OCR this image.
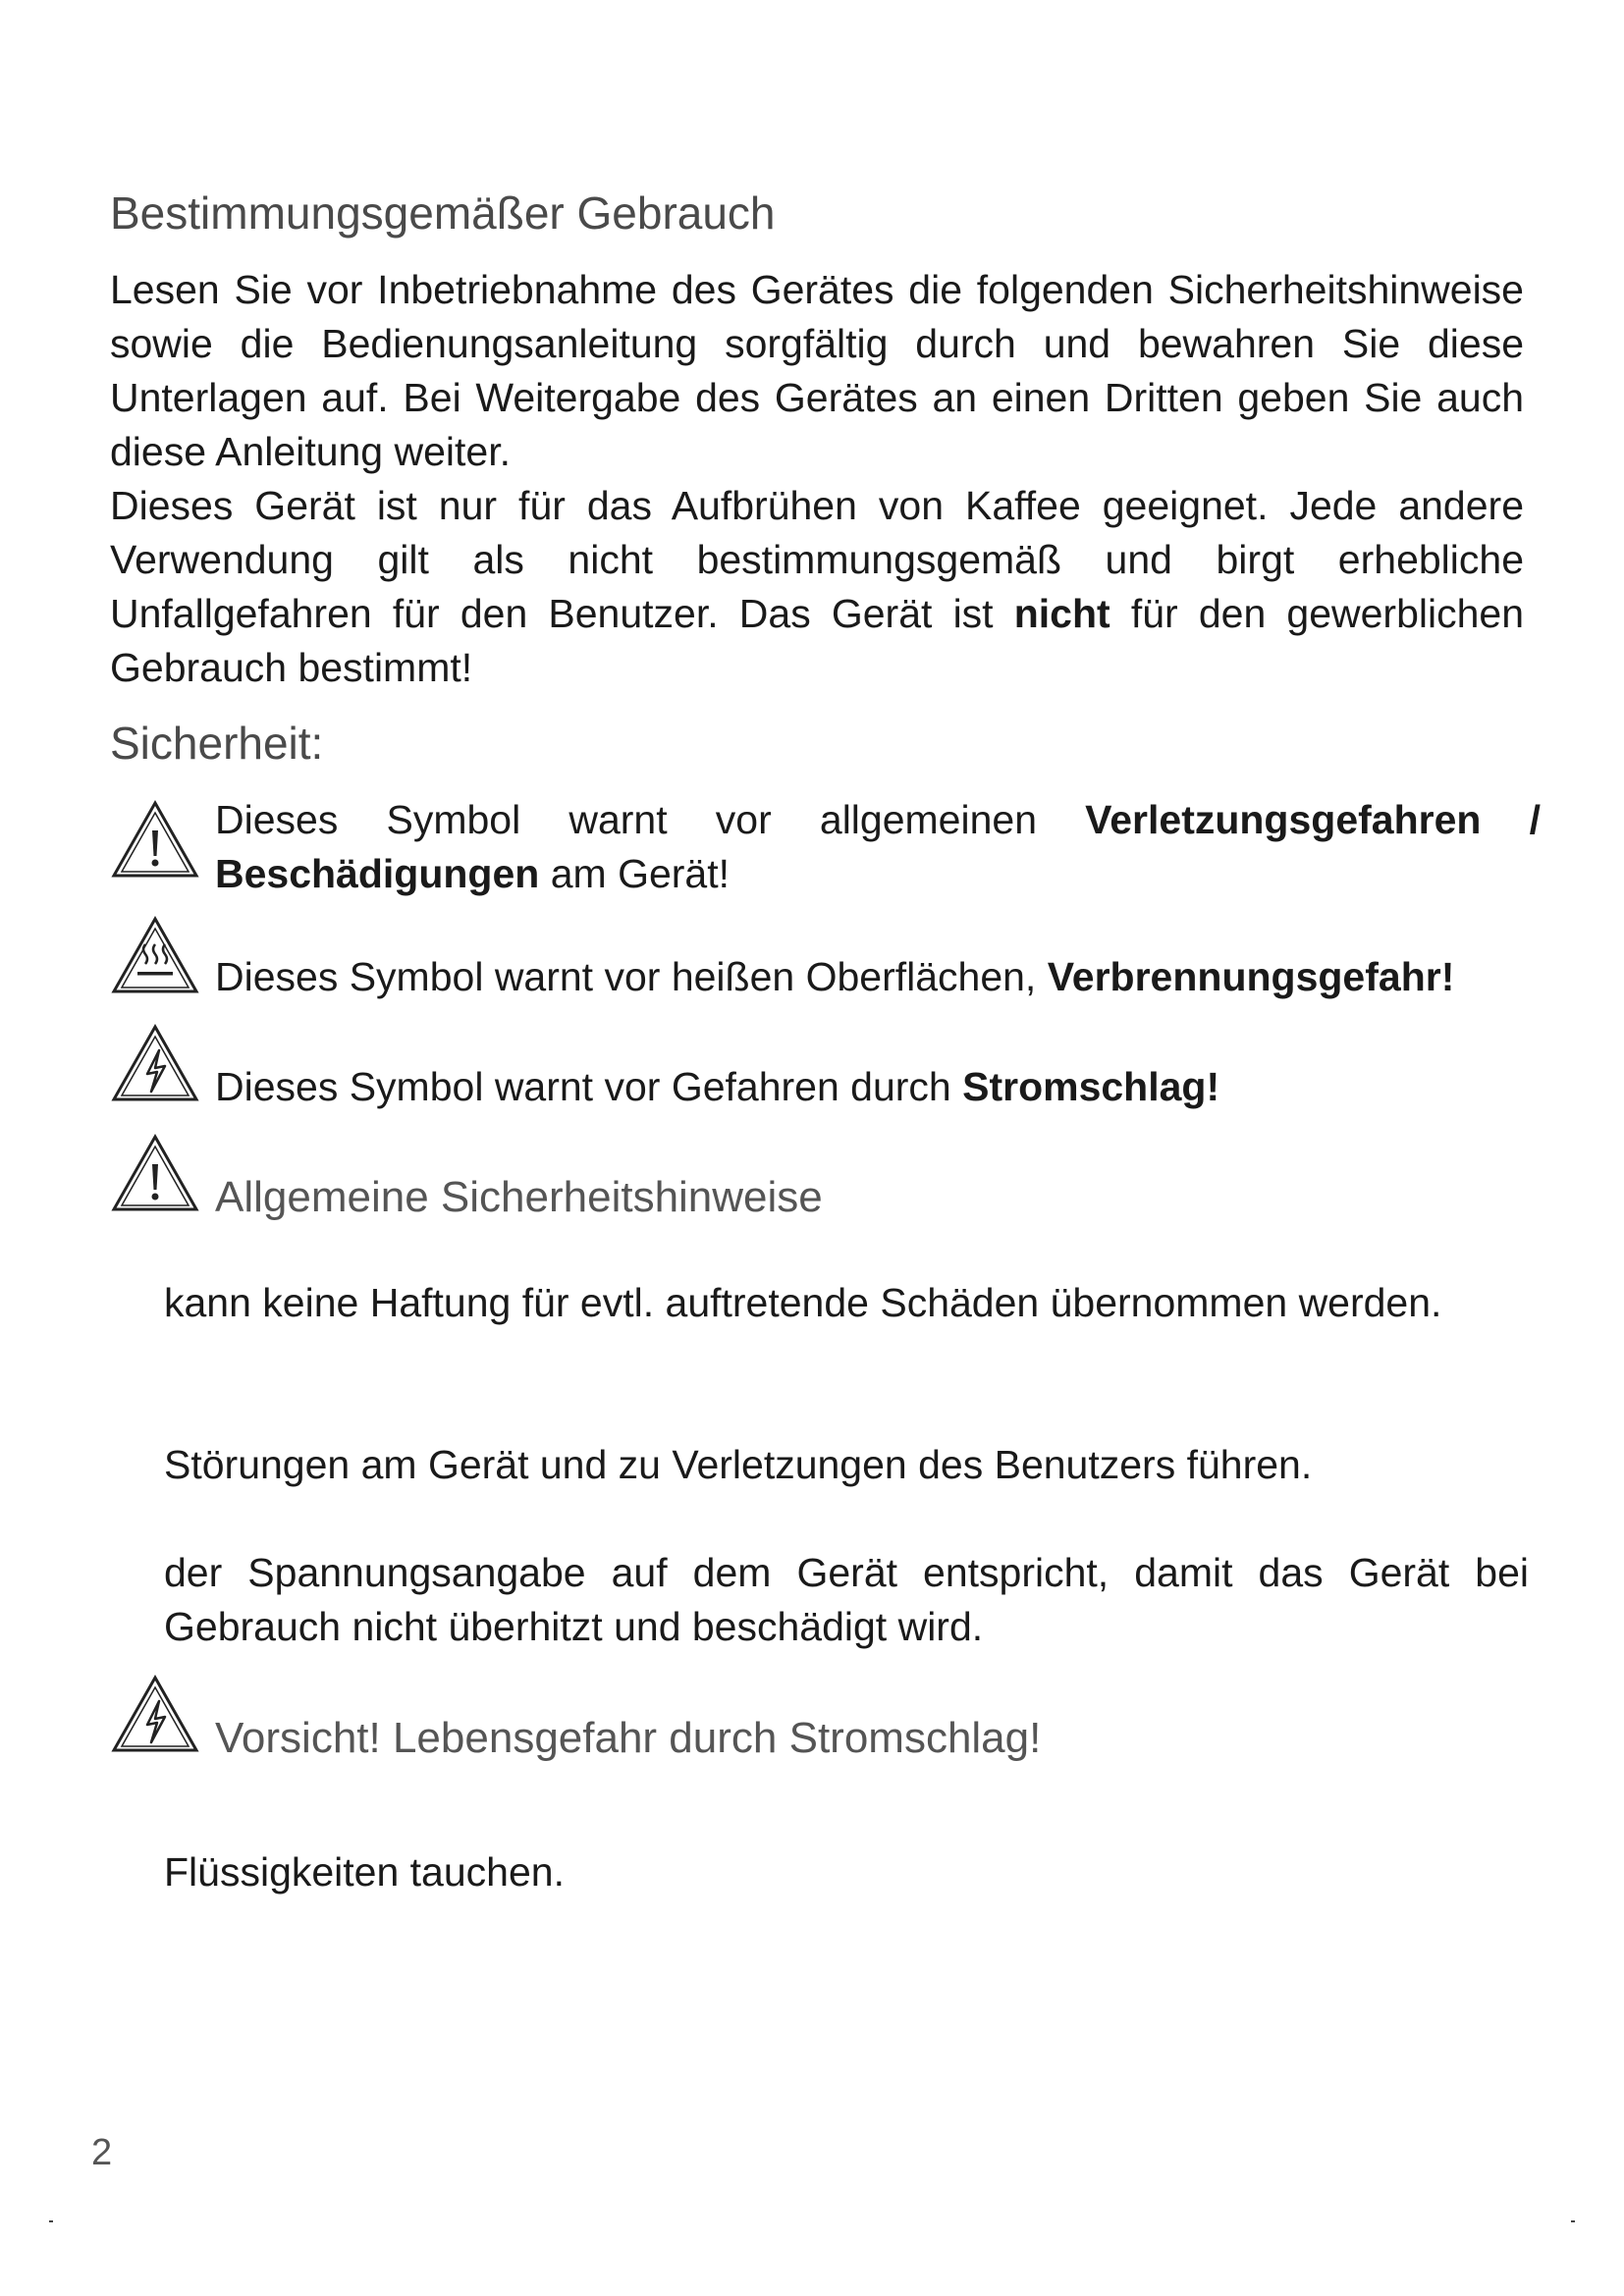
Bestimmungsgemäßer Gebrauch

Lesen Sie vor Inbetriebnahme des Gerätes die folgenden Sicherheitshinweise sowie die Bedienungsanleitung sorgfältig durch und bewahren Sie diese Unterlagen auf. Bei Weitergabe des Gerätes an einen Dritten geben Sie auch diese Anleitung weiter.

Dieses Gerät ist nur für das Aufbrühen von Kaffee geeignet. Jede andere Verwendung gilt als nicht bestimmungsgemäß und birgt erhebliche Unfallgefahren für den Benutzer. Das Gerät ist nicht für den gewerblichen Gebrauch bestimmt!

Sicherheit:
Dieses Symbol warnt vor allgemeinen Verletzungsgefahren / Beschädigungen am Gerät!
Dieses Symbol warnt vor heißen Oberflächen, Verbrennungsgefahr!
Dieses Symbol warnt vor Gefahren durch Stromschlag!
Allgemeine Sicherheitshinweise

kann keine Haftung für evtl. auftretende Schäden übernommen werden.

Störungen am Gerät und zu Verletzungen des Benutzers führen.

der Spannungsangabe auf dem Gerät entspricht, damit das Gerät bei Gebrauch nicht überhitzt und beschädigt wird.

Vorsicht! Lebensgefahr durch Stromschlag!

Flüssigkeiten tauchen.

2
